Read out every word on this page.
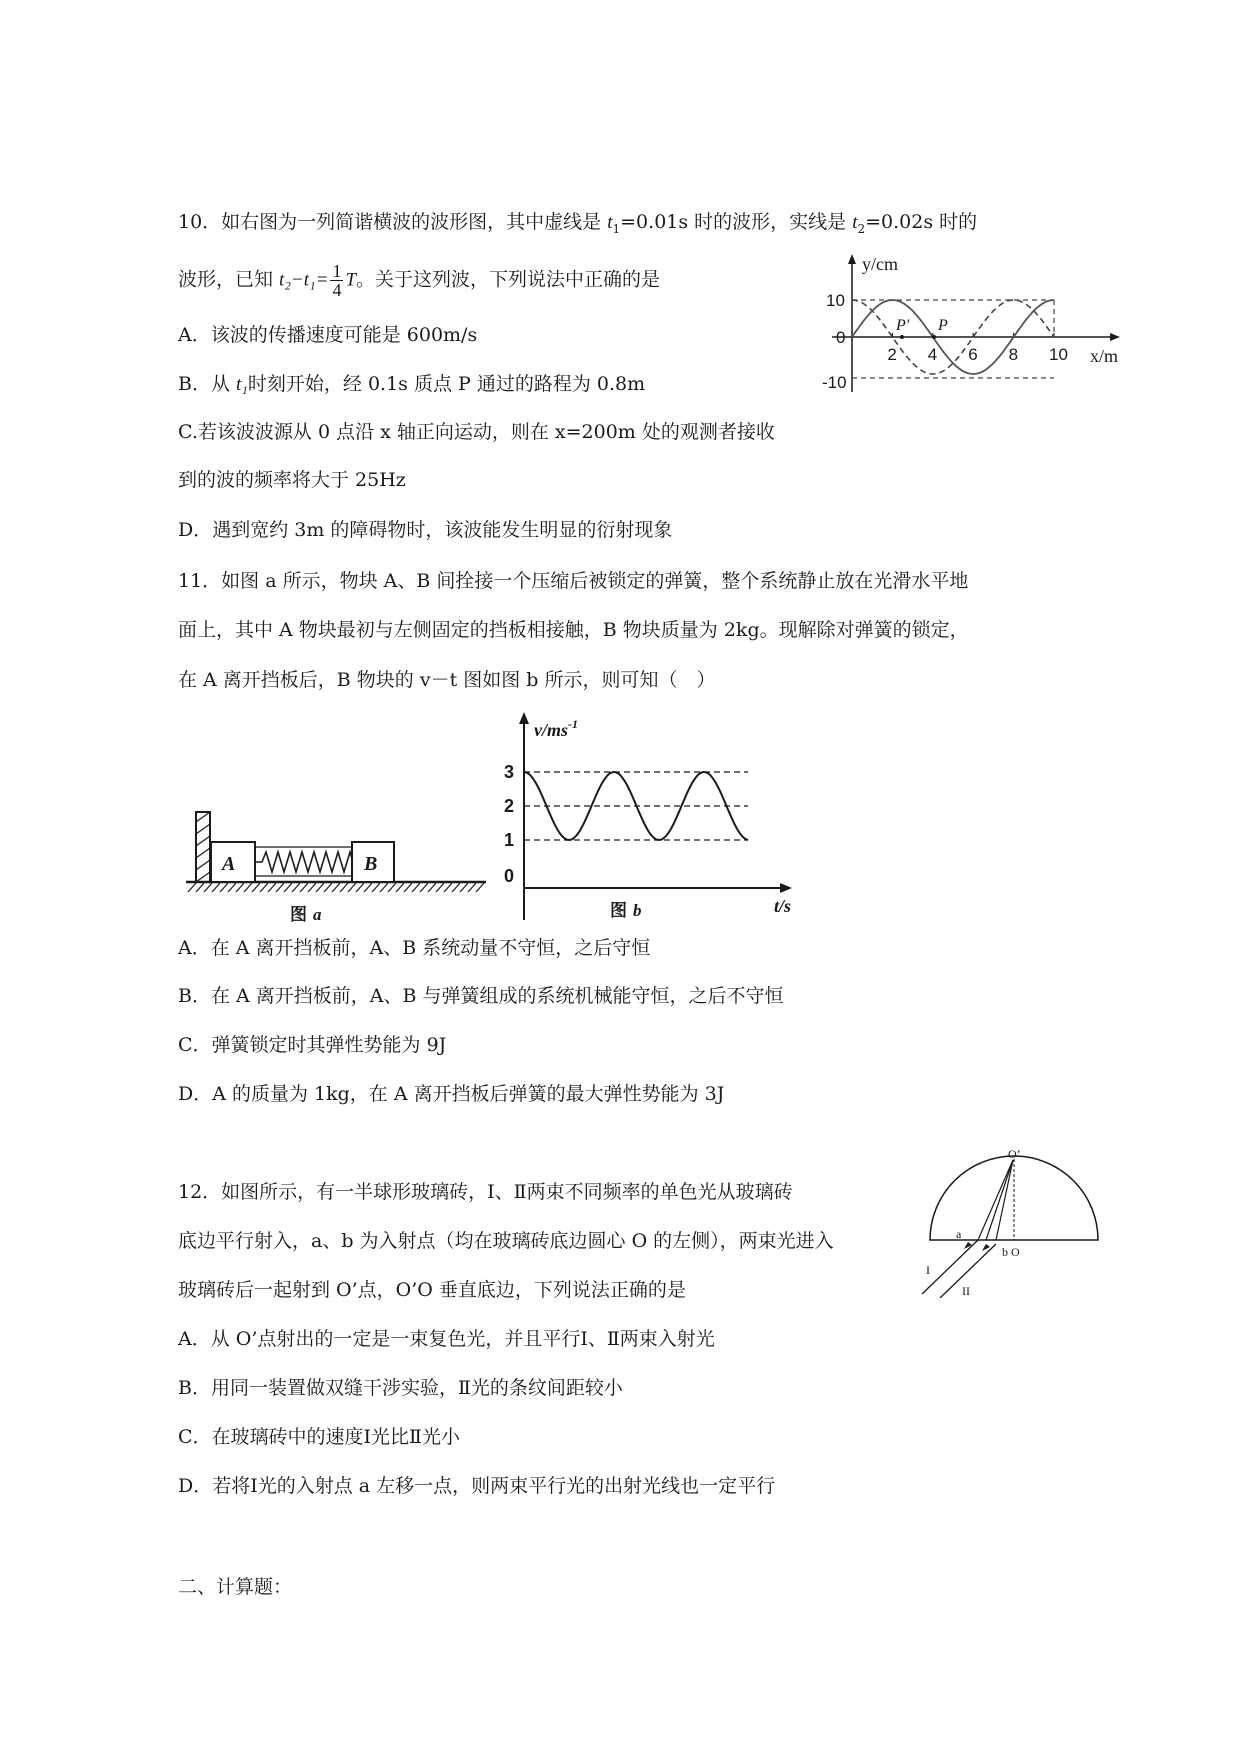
10．如右图为一列简谐横波的波形图，其中虚线是 $t_1=0.01s$ 时的波形，实线是 $t_2=0.02s$ 时的
波形，已知 $t_2-t_1= \frac{1}{4}$ T。关于这列波，下列说法中正确的是
A．该波的传播速度可能是 600m/s
B．从 t₁时刻开始，经 0.1s 质点 P 通过的路程为 0.8m
C.若该波波源从 0 点沿 x 轴正向运动，则在 x=200m 处的观测者接收
到的波的频率将大于 25Hz
D．遇到宽约 3m 的障碍物时，该波能发生明显的衍射现象
y/cm
x/m
10
0
-10
2 4 6 8 10
P' P
11．如图 a 所示，物块 A、B 间拴接一个压缩后被锁定的弹簧，整个系统静止放在光滑水平地
面上，其中 A 物块最初与左侧固定的挡板相接触，B 物块质量为 2kg。现解除对弹簧的锁定，
在 A 离开挡板后，B 物块的 v－t 图如图 b 所示，则可知（　）
A	B
图 a
$v/ms^{-1}$
t/s
3
2
1
0
图 b
A．在 A 离开挡板前，A、B 系统动量不守恒，之后守恒
B．在 A 离开挡板前，A、B 与弹簧组成的系统机械能守恒，之后不守恒
C．弹簧锁定时其弹性势能为 9J
D．A 的质量为 1kg，在 A 离开挡板后弹簧的最大弹性势能为 3J
12．如图所示，有一半球形玻璃砖，Ⅰ、Ⅱ两束不同频率的单色光从玻璃砖
底边平行射入，a、b 为入射点（均在玻璃砖底边圆心 O 的左侧），两束光进入
玻璃砖后一起射到 O’点，O’O 垂直底边，下列说法正确的是
O’
a
b O
I
II
A．从 O’点射出的一定是一束复色光，并且平行Ⅰ、Ⅱ两束入射光
B．用同一装置做双缝干涉实验，Ⅱ光的条纹间距较小
C．在玻璃砖中的速度Ⅰ光比Ⅱ光小
D．若将Ⅰ光的入射点 a 左移一点，则两束平行光的出射光线也一定平行
二、计算题：
